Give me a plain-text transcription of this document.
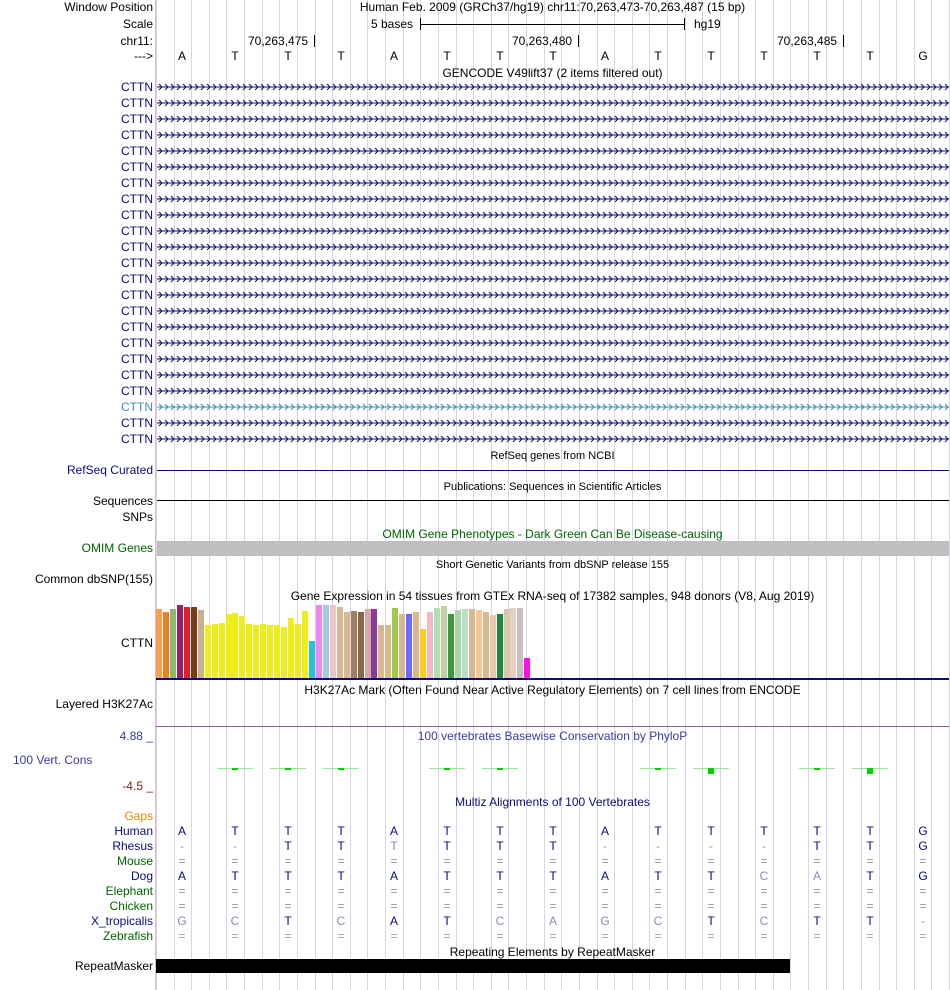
Window Position	Human Feb. 2009 (GRCh37/hg19) chr11:70,263,473-70,263,487 (15 bp)
Scale	5 bases	hg19
chr11:	70,263,475	70,263,480	70,263,485
--->	A	T	T	T	A	T	T	T	A	T	T	T	T	T	G
GENCODE V49lift37 (2 items filtered out)
CTTN
CTTN
CTTN
CTTN
CTTN
CTTN
CTTN
CTTN
CTTN
CTTN
CTTN
CTTN
CTTN
CTTN
CTTN
CTTN
CTTN
CTTN
CTTN
CTTN
CTTN
CTTN
CTTN
RefSeq genes from NCBI
RefSeq Curated
Publications: Sequences in Scientific Articles
Sequences
SNPs
OMIM Gene Phenotypes - Dark Green Can Be Disease-causing
OMIM Genes
Short Genetic Variants from dbSNP release 155
Common dbSNP(155)
Gene Expression in 54 tissues from GTEx RNA-seq of 17382 samples, 948 donors (V8, Aug 2019)
CTTN
H3K27Ac Mark (Often Found Near Active Regulatory Elements) on 7 cell lines from ENCODE
Layered H3K27Ac
100 vertebrates Basewise Conservation by PhyloP
4.88 _
100 Vert. Cons
-4.5 _
Multiz Alignments of 100 Vertebrates
Gaps
Human	A	T	T	T	A	T	T	T	A	T	T	T	T	T	G
Rhesus	-	-	T	T	T	T	T	T	-	-	-	-	T	T	G
Mouse	=	=	=	=	=	=	=	=	=	=	=	=	=	=	=
Dog	A	T	T	T	A	T	T	T	A	T	T	C	A	T	G
Elephant	=	=	=	=	=	=	=	=	=	=	=	=	=	=	=
Chicken	=	=	=	=	=	=	=	=	=	=	=	=	=	=	=
X_tropicalis	G	C	T	C	A	T	C	A	G	C	T	C	T	T	-
Zebrafish	=	=	=	=	=	=	=	=	=	=	=	=	=	=	=
Repeating Elements by RepeatMasker
RepeatMasker
